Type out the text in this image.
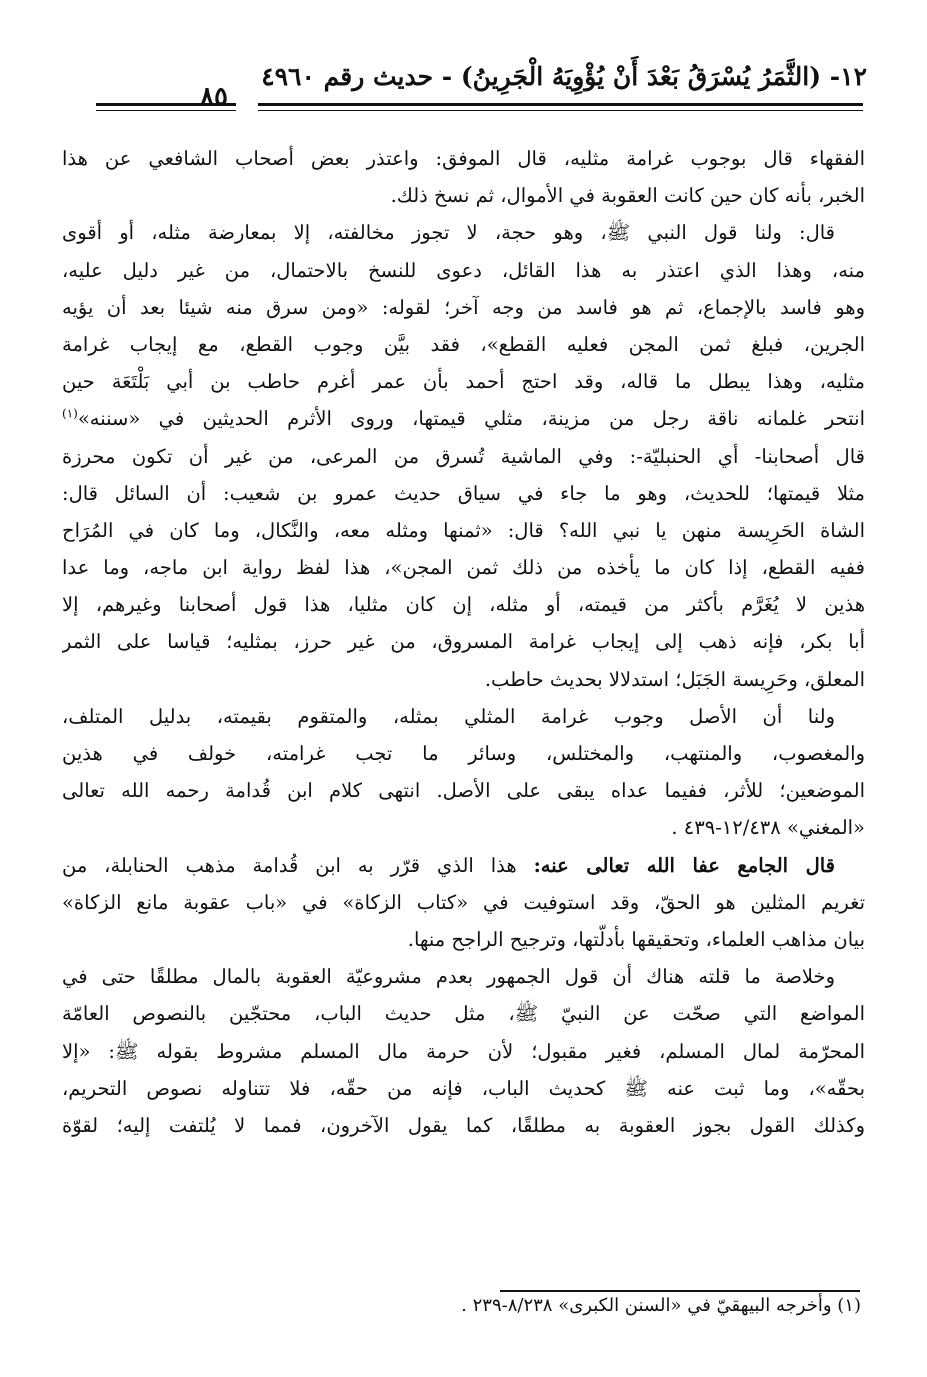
١٢- (الثَّمَرُ يُسْرَقُ بَعْدَ أَنْ يُؤْوِيَهُ الْجَرِينُ) - حديث رقم ٤٩٦٠
٨٥
الفقهاء قال بوجوب غرامة مثليه، قال الموفق: واعتذر بعض أصحاب الشافعي عن هذا
الخبر، بأنه كان حين كانت العقوبة في الأموال، ثم نسخ ذلك.
قال: ولنا قول النبي ﷺ، وهو حجة، لا تجوز مخالفته، إلا بمعارضة مثله، أو أقوى
منه، وهذا الذي اعتذر به هذا القائل، دعوى للنسخ بالاحتمال، من غير دليل عليه،
وهو فاسد بالإجماع، ثم هو فاسد من وجه آخر؛ لقوله: «ومن سرق منه شيئا بعد أن يؤيه
الجرين، فبلغ ثمن المجن فعليه القطع»، فقد بيَّن وجوب القطع، مع إيجاب غرامة
مثليه، وهذا يبطل ما قاله، وقد احتج أحمد بأن عمر أغرم حاطب بن أبي بَلْتَعَة حين
انتحر غلمانه ناقة رجل من مزينة، مثلي قيمتها، وروى الأثرم الحديثين في «سننه»$^{(١)}$
قال أصحابنا- أي الحنبليّة-: وفي الماشية تُسرق من المرعى، من غير أن تكون محرزة
مثلا قيمتها؛ للحديث، وهو ما جاء في سياق حديث عمرو بن شعيب: أن السائل قال:
الشاة الحَرِيسة منهن يا نبي الله؟ قال: «ثمنها ومثله معه، والنَّكال، وما كان في المُرَاح
ففيه القطع، إذا كان ما يأخذه من ذلك ثمن المجن»، هذا لفظ رواية ابن ماجه، وما عدا
هذين لا يُغَرَّم بأكثر من قيمته، أو مثله، إن كان مثليا، هذا قول أصحابنا وغيرهم، إلا
أبا بكر، فإنه ذهب إلى إيجاب غرامة المسروق، من غير حرز، بمثليه؛ قياسا على الثمر
المعلق، وحَرِيسة الجَبَل؛ استدلالا بحديث حاطب.
ولنا أن الأصل وجوب غرامة المثلي بمثله، والمتقوم بقيمته، بدليل المتلف،
والمغصوب، والمنتهب، والمختلس، وسائر ما تجب غرامته، خولف في هذين
الموضعين؛ للأثر، ففيما عداه يبقى على الأصل. انتهى كلام ابن قُدامة رحمه الله تعالى
«المغني» ١٢/٤٣٨-٤٣٩ .
قال الجامع عفا الله تعالى عنه: هذا الذي قرّر به ابن قُدامة مذهب الحنابلة، من
تغريم المثلين هو الحقّ، وقد استوفيت في «كتاب الزكاة» في «باب عقوبة مانع الزكاة»
بيان مذاهب العلماء، وتحقيقها بأدلّتها، وترجيح الراجح منها.
وخلاصة ما قلته هناك أن قول الجمهور بعدم مشروعيّة العقوبة بالمال مطلقًا حتى في
المواضع التي صحّت عن النبيّ ﷺ، مثل حديث الباب، محتجّين بالنصوص العامّة
المحرّمة لمال المسلم، فغير مقبول؛ لأن حرمة مال المسلم مشروط بقوله ﷺ: «إلا
بحقّه»، وما ثبت عنه ﷺ كحديث الباب، فإنه من حقّه، فلا تتناوله نصوص التحريم،
وكذلك القول بجوز العقوبة به مطلقًا، كما يقول الآخرون، فمما لا يُلتفت إليه؛ لقوّة
(١) وأخرجه البيهقيّ في «السنن الكبرى» ٨/٢٣٨-٢٣٩ .
